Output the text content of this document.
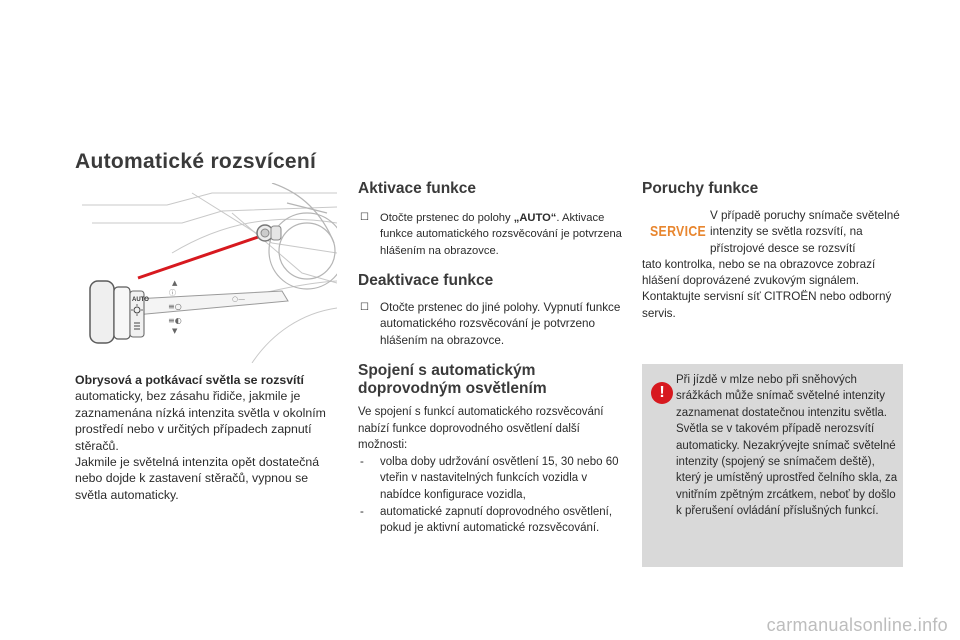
Automatické rozsvícení
AUTO
ⓘ
≡○
≡◐
○—
▲
▼
Obrysová a potkávací světla se rozsvítí
automaticky, bez zásahu řidiče, jakmile je zaznamenána nízká intenzita světla v okolním prostředí nebo v určitých případech zapnutí stěračů.
Jakmile je světelná intenzita opět dostatečná nebo dojde k zastavení stěračů, vypnou se světla automaticky.
Aktivace funkce
☐ Otočte prstenec do polohy „AUTO“. Aktivace funkce automatického rozsvěcování je potvrzena hlášením na obrazovce.
Deaktivace funkce
☐ Otočte prstenec do jiné polohy. Vypnutí funkce automatického rozsvěcování je potvrzeno hlášením na obrazovce.
Spojení s automatickým
doprovodným osvětlením
Ve spojení s funkcí automatického rozsvěcování nabízí funkce doprovodného osvětlení další možnosti:
- volba doby udržování osvětlení 15, 30 nebo 60 vteřin v nastavitelných funkcích vozidla v nabídce konfigurace vozidla,
- automatické zapnutí doprovodného osvětlení, pokud je aktivní automatické rozsvěcování.
Poruchy funkce
SERVICE
V případě poruchy snímače světelné intenzity se světla rozsvítí, na přístrojové desce se rozsvítí
tato kontrolka, nebo se na obrazovce zobrazí hlášení doprovázené zvukovým signálem. Kontaktujte servisní síť CITROËN nebo odborný servis.
!
Při jízdě v mlze nebo při sněhových srážkách může snímač světelné intenzity zaznamenat dostatečnou intenzitu světla. Světla se v takovém případě nerozsvítí automaticky. Nezakrývejte snímač světelné intenzity (spojený se snímačem deště), který je umístěný uprostřed čelního skla, za vnitřním zpětným zrcátkem, neboť by došlo k přerušení ovládání příslušných funkcí.
carmanualsonline.info
